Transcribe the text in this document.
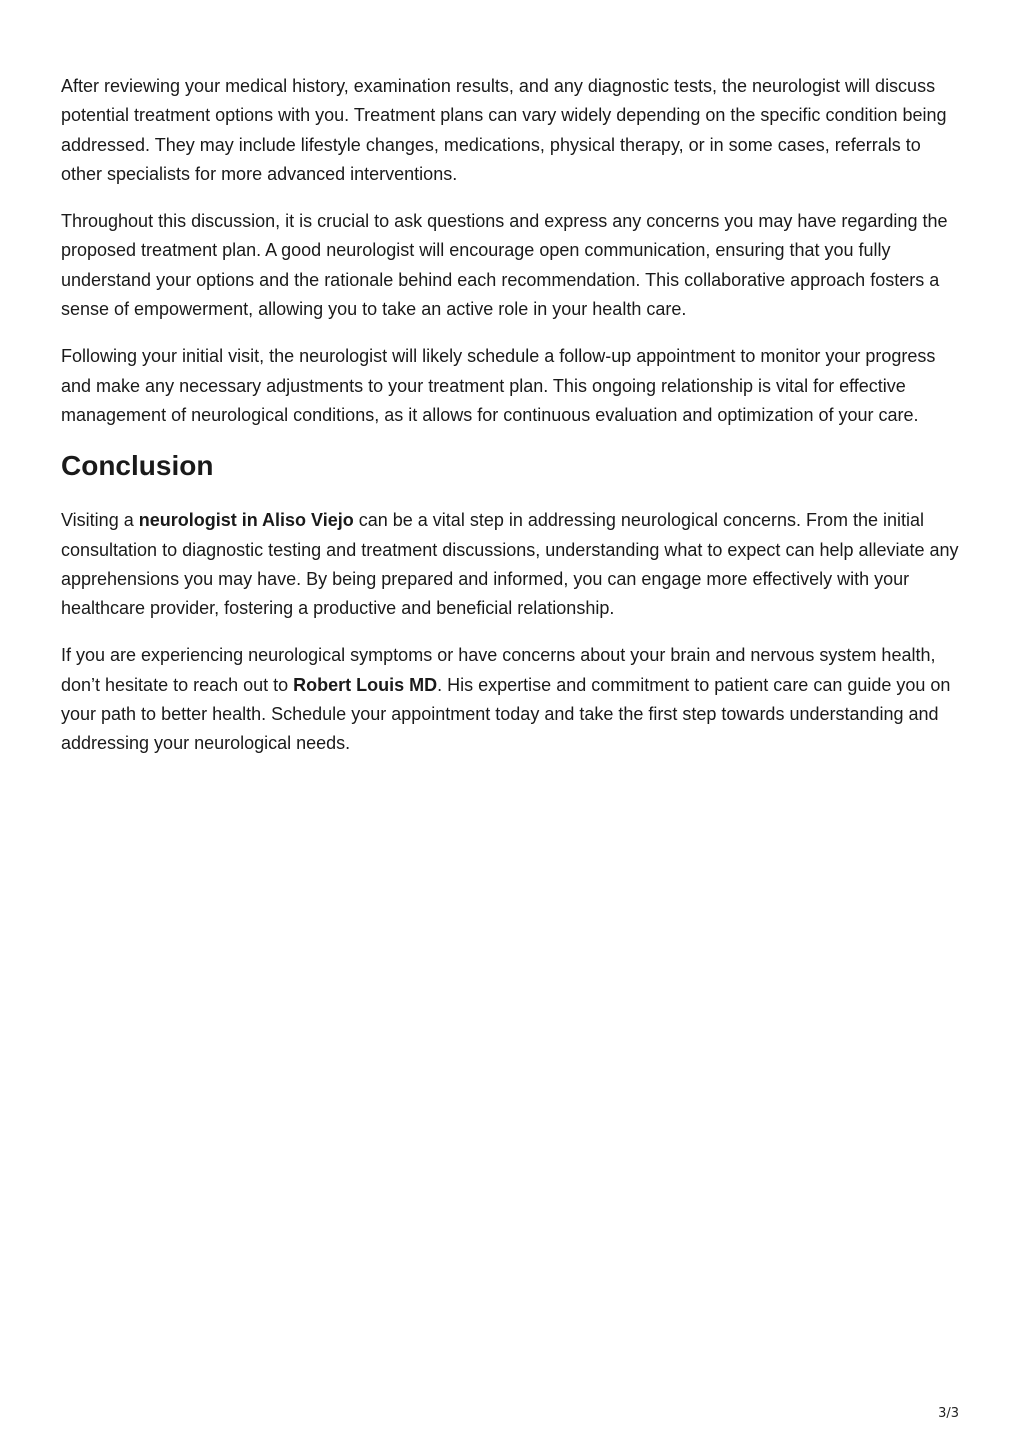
After reviewing your medical history, examination results, and any diagnostic tests, the neurologist will discuss potential treatment options with you. Treatment plans can vary widely depending on the specific condition being addressed. They may include lifestyle changes, medications, physical therapy, or in some cases, referrals to other specialists for more advanced interventions.

Throughout this discussion, it is crucial to ask questions and express any concerns you may have regarding the proposed treatment plan. A good neurologist will encourage open communication, ensuring that you fully understand your options and the rationale behind each recommendation. This collaborative approach fosters a sense of empowerment, allowing you to take an active role in your health care.

Following your initial visit, the neurologist will likely schedule a follow-up appointment to monitor your progress and make any necessary adjustments to your treatment plan. This ongoing relationship is vital for effective management of neurological conditions, as it allows for continuous evaluation and optimization of your care.

Conclusion

Visiting a neurologist in Aliso Viejo can be a vital step in addressing neurological concerns. From the initial consultation to diagnostic testing and treatment discussions, understanding what to expect can help alleviate any apprehensions you may have. By being prepared and informed, you can engage more effectively with your healthcare provider, fostering a productive and beneficial relationship.

If you are experiencing neurological symptoms or have concerns about your brain and nervous system health, don’t hesitate to reach out to Robert Louis MD. His expertise and commitment to patient care can guide you on your path to better health. Schedule your appointment today and take the first step towards understanding and addressing your neurological needs.

3/3
